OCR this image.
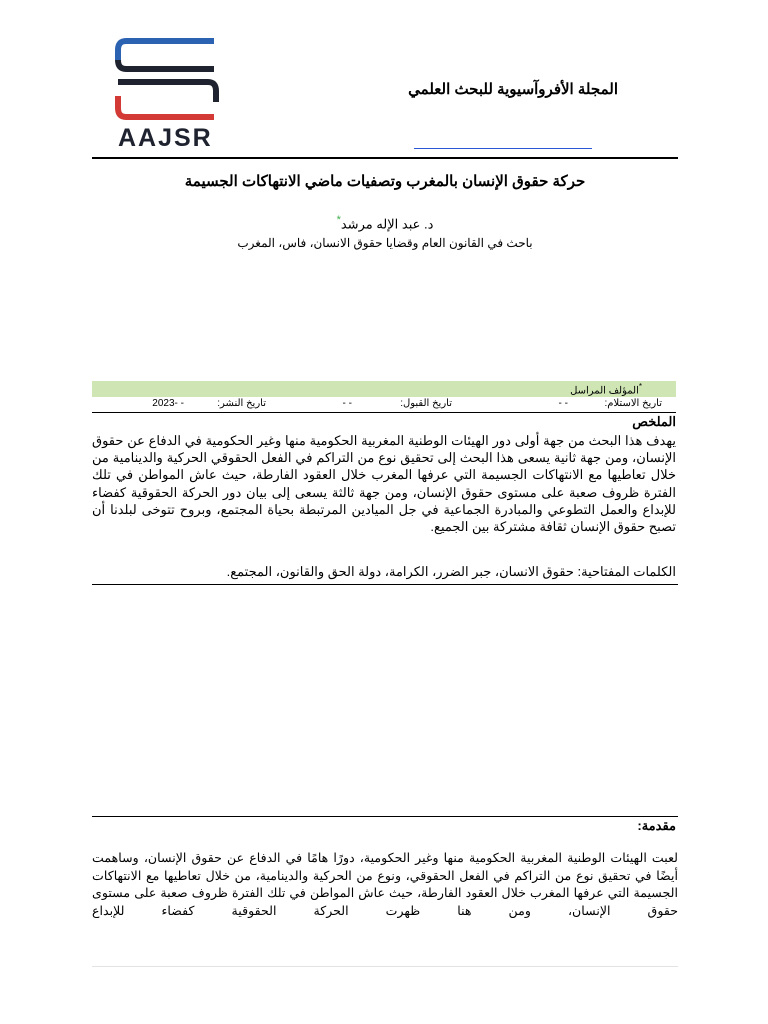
AAJSR
المجلة الأفروآسيوية للبحث العلمي
حركة حقوق الإنسان بالمغرب وتصفيات ماضي الانتهاكات الجسيمة
د. عبد الإله مرشد*
باحث في القانون العام وقضايا حقوق الانسان، فاس، المغرب
*المؤلف المراسل
تاريخ الاستلام:
- -
تاريخ القبول:
- -
تاريخ النشر:
- -2023
الملخص
يهدف هذا البحث من جهة أولى دور الهيئات الوطنية المغربية الحكومية منها وغير الحكومية في الدفاع عن حقوق الإنسان، ومن جهة ثانية يسعى هذا البحث إلى تحقيق نوع من التراكم في الفعل الحقوقي الحركية والدينامية من خلال تعاطيها مع الانتهاكات الجسيمة التي عرفها المغرب خلال العقود الفارطة، حيث عاش المواطن في تلك الفترة ظروف صعبة على مستوى حقوق الإنسان، ومن جهة ثالثة يسعى إلى بيان دور الحركة الحقوقية كفضاء للإبداع والعمل التطوعي والمبادرة الجماعية في جل الميادين المرتبطة بحياة المجتمع، وبروح تتوخى لبلدنا أن تصبح حقوق الإنسان ثقافة مشتركة بين الجميع.
الكلمات المفتاحية: حقوق الانسان، جبر الضرر، الكرامة، دولة الحق والقانون، المجتمع.
مقدمة:
لعبت الهيئات الوطنية المغربية الحكومية منها وغير الحكومية، دورًا هامًا في الدفاع عن حقوق الإنسان، وساهمت أيضًا في تحقيق نوع من التراكم في الفعل الحقوقي، ونوع من الحركية والدينامية، من خلال تعاطيها مع الانتهاكات الجسيمة التي عرفها المغرب خلال العقود الفارطة، حيث عاش المواطن في تلك الفترة ظروف صعبة على مستوى حقوق الإنسان، ومن هنا ظهرت الحركة الحقوقية كفضاء للإبداع
